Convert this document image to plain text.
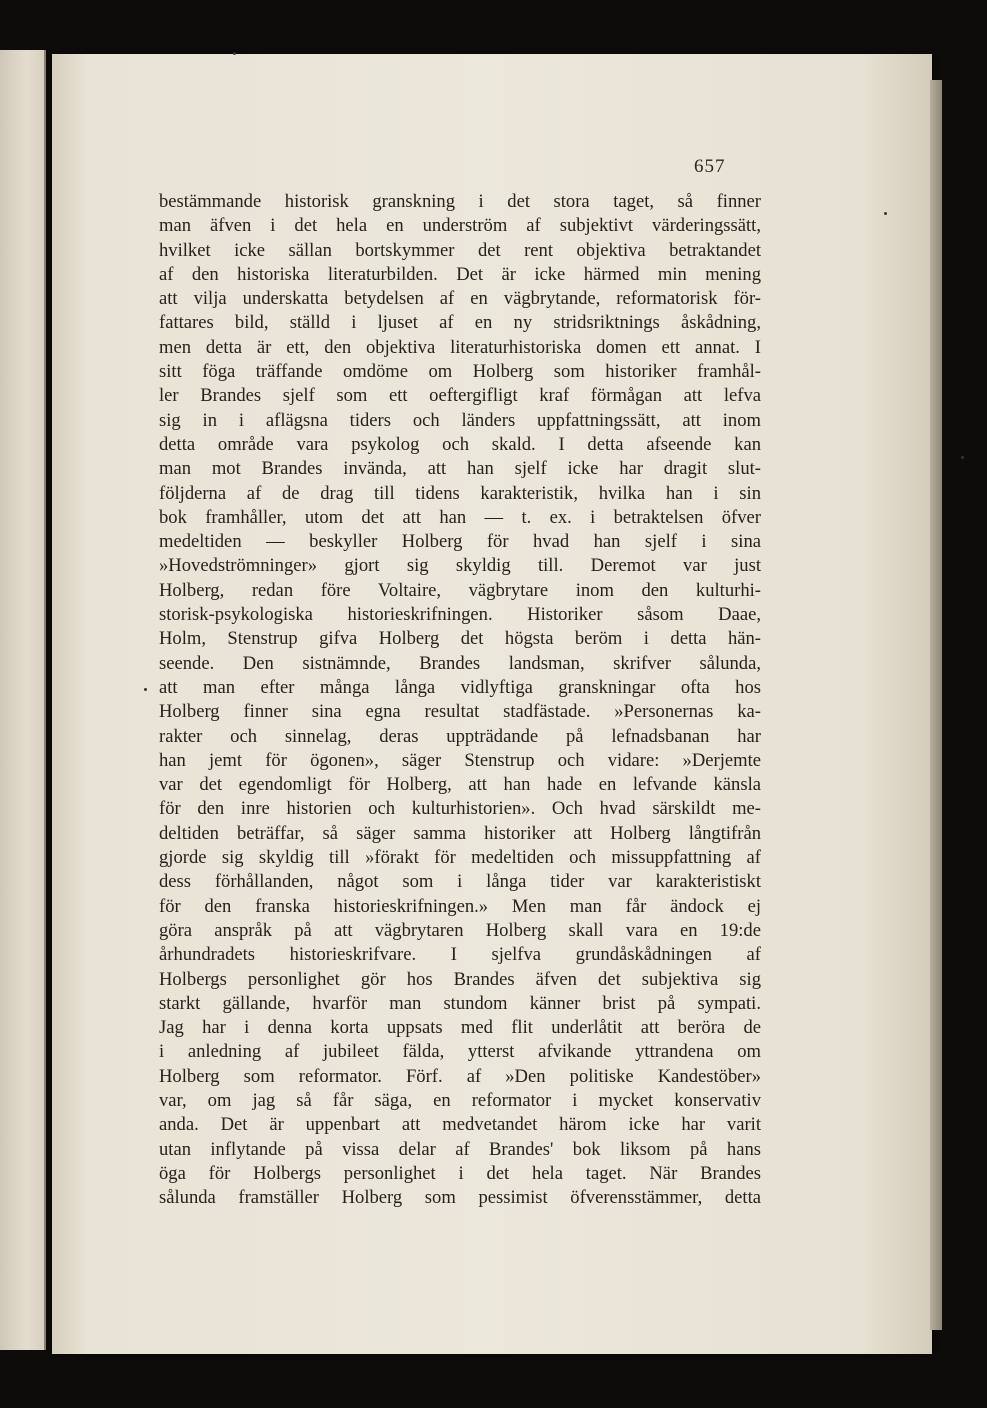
657
bestämmande historisk granskning i det stora taget, så finner
man äfven i det hela en underström af subjektivt värderingssätt,
hvilket icke sällan bortskymmer det rent objektiva betraktandet
af den historiska literaturbilden. Det är icke härmed min mening
att vilja underskatta betydelsen af en vägbrytande, reformatorisk för-
fattares bild, ställd i ljuset af en ny stridsriktnings åskådning,
men detta är ett, den objektiva literaturhistoriska domen ett annat. I
sitt föga träffande omdöme om Holberg som historiker framhål-
ler Brandes sjelf som ett oeftergifligt kraf förmågan att lefva
sig in i aflägsna tiders och länders uppfattningssätt, att inom
detta område vara psykolog och skald. I detta afseende kan
man mot Brandes invända, att han sjelf icke har dragit slut-
följderna af de drag till tidens karakteristik, hvilka han i sin
bok framhåller, utom det att han — t. ex. i betraktelsen öfver
medeltiden — beskyller Holberg för hvad han sjelf i sina
»Hovedströmninger» gjort sig skyldig till. Deremot var just
Holberg, redan före Voltaire, vägbrytare inom den kulturhi-
storisk-psykologiska historieskrifningen. Historiker såsom Daae,
Holm, Stenstrup gifva Holberg det högsta beröm i detta hän-
seende. Den sistnämnde, Brandes landsman, skrifver sålunda,
att man efter många långa vidlyftiga granskningar ofta hos
Holberg finner sina egna resultat stadfästade. »Personernas ka-
rakter och sinnelag, deras uppträdande på lefnadsbanan har
han jemt för ögonen», säger Stenstrup och vidare: »Derjemte
var det egendomligt för Holberg, att han hade en lefvande känsla
för den inre historien och kulturhistorien». Och hvad särskildt me-
deltiden beträffar, så säger samma historiker att Holberg långtifrån
gjorde sig skyldig till »förakt för medeltiden och missuppfattning af
dess förhållanden, något som i långa tider var karakteristiskt
för den franska historieskrifningen.» Men man får ändock ej
göra anspråk på att vägbrytaren Holberg skall vara en 19:de
århundradets historieskrifvare. I sjelfva grundåskådningen af
Holbergs personlighet gör hos Brandes äfven det subjektiva sig
starkt gällande, hvarför man stundom känner brist på sympati.
Jag har i denna korta uppsats med flit underlåtit att beröra de
i anledning af jubileet fälda, ytterst afvikande yttrandena om
Holberg som reformator. Förf. af »Den politiske Kandestöber»
var, om jag så får säga, en reformator i mycket konservativ
anda. Det är uppenbart att medvetandet härom icke har varit
utan inflytande på vissa delar af Brandes' bok liksom på hans
öga för Holbergs personlighet i det hela taget. När Brandes
sålunda framställer Holberg som pessimist öfverensstämmer, detta
